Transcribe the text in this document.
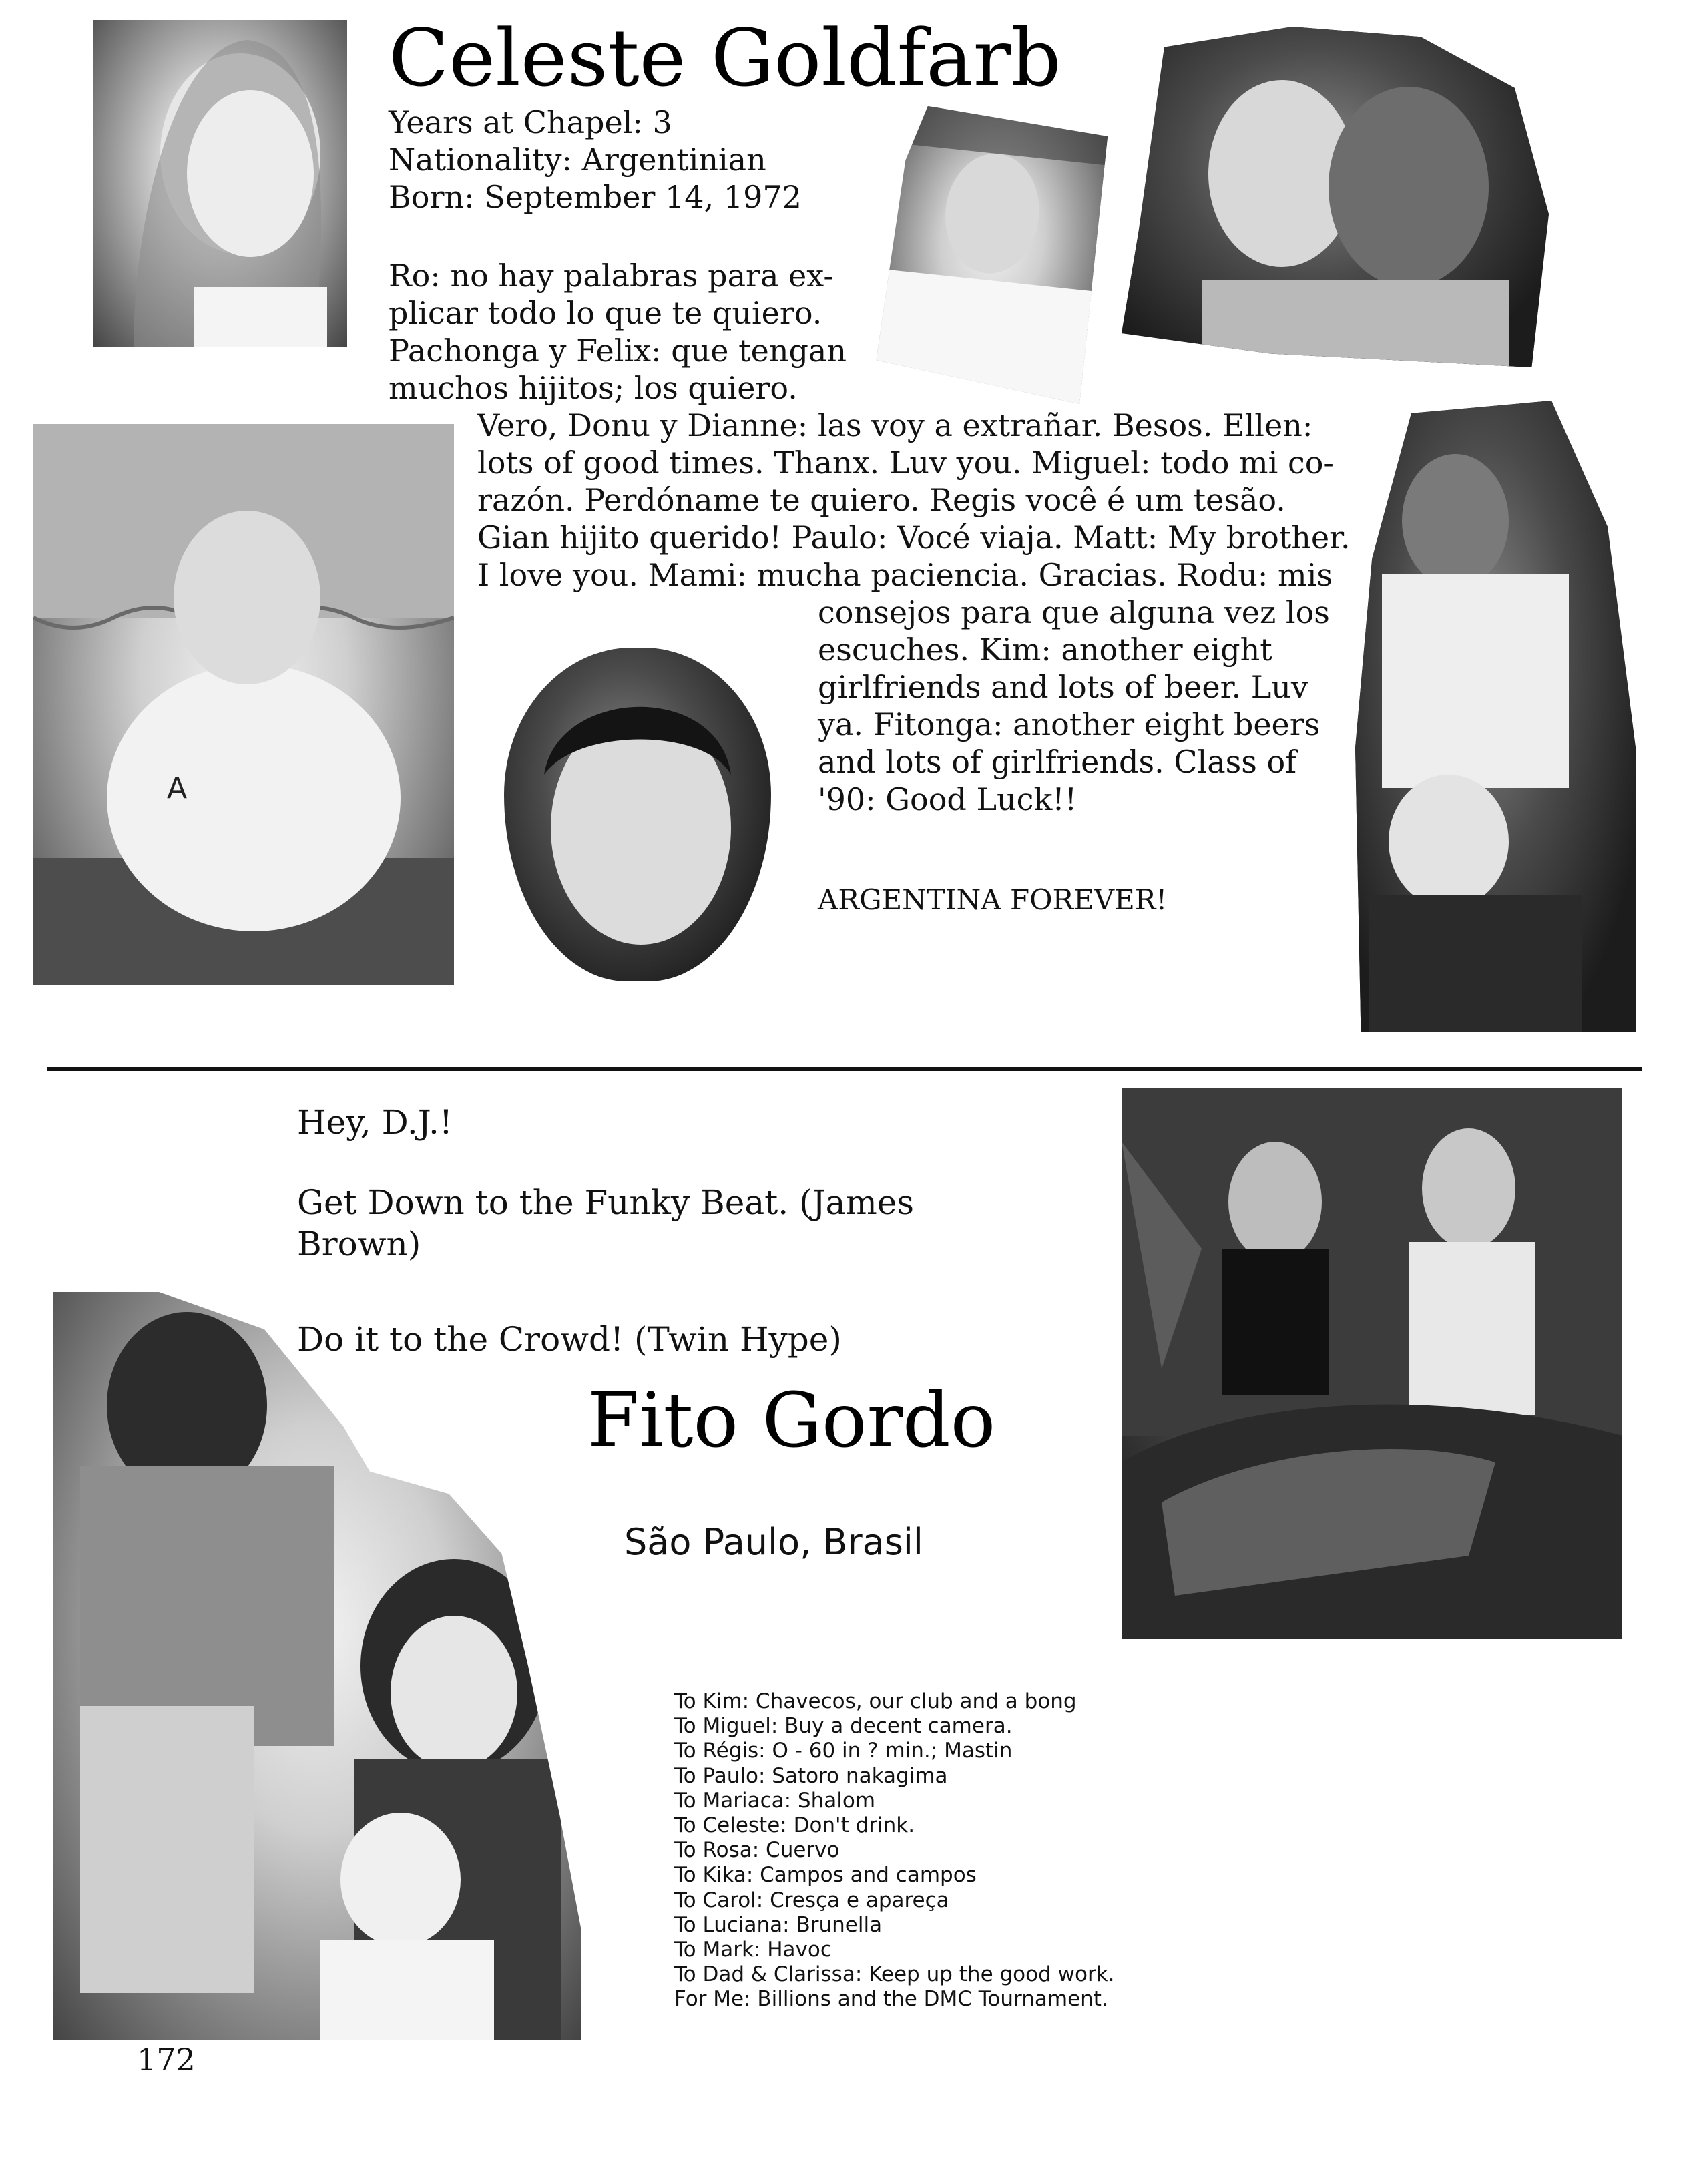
Celeste Goldfarb
Years at Chapel: 3
Nationality: Argentinian
Born: September 14, 1972
A
Ro: no hay palabras para ex-
plicar todo lo que te quiero.
Pachonga y Felix: que tengan
muchos hijitos; los quiero.
Vero, Donu y Dianne: las voy a extrañar. Besos. Ellen:
lots of good times. Thanx. Luv you. Miguel: todo mi co-
razón. Perdóname te quiero. Regis você é um tesão.
Gian hijito querido! Paulo: Vocé viaja. Matt: My brother.
I love you. Mami: mucha paciencia. Gracias. Rodu: mis
consejos para que alguna vez los
escuches. Kim: another eight
girlfriends and lots of beer. Luv
ya. Fitonga: another eight beers
and lots of girlfriends. Class of
'90: Good Luck!!
ARGENTINA FOREVER!
Hey, D.J.!
Get Down to the Funky Beat. (James
Brown)
Do it to the Crowd! (Twin Hype)
Fito Gordo
São Paulo, Brasil
To Kim: Chavecos, our club and a bong
To Miguel: Buy a decent camera.
To Régis: O - 60 in ? min.; Mastin
To Paulo: Satoro nakagima
To Mariaca: Shalom
To Celeste: Don't drink.
To Rosa: Cuervo
To Kika: Campos and campos
To Carol: Cresça e apareça
To Luciana: Brunella
To Mark: Havoc
To Dad & Clarissa: Keep up the good work.
For Me: Billions and the DMC Tournament.
172
